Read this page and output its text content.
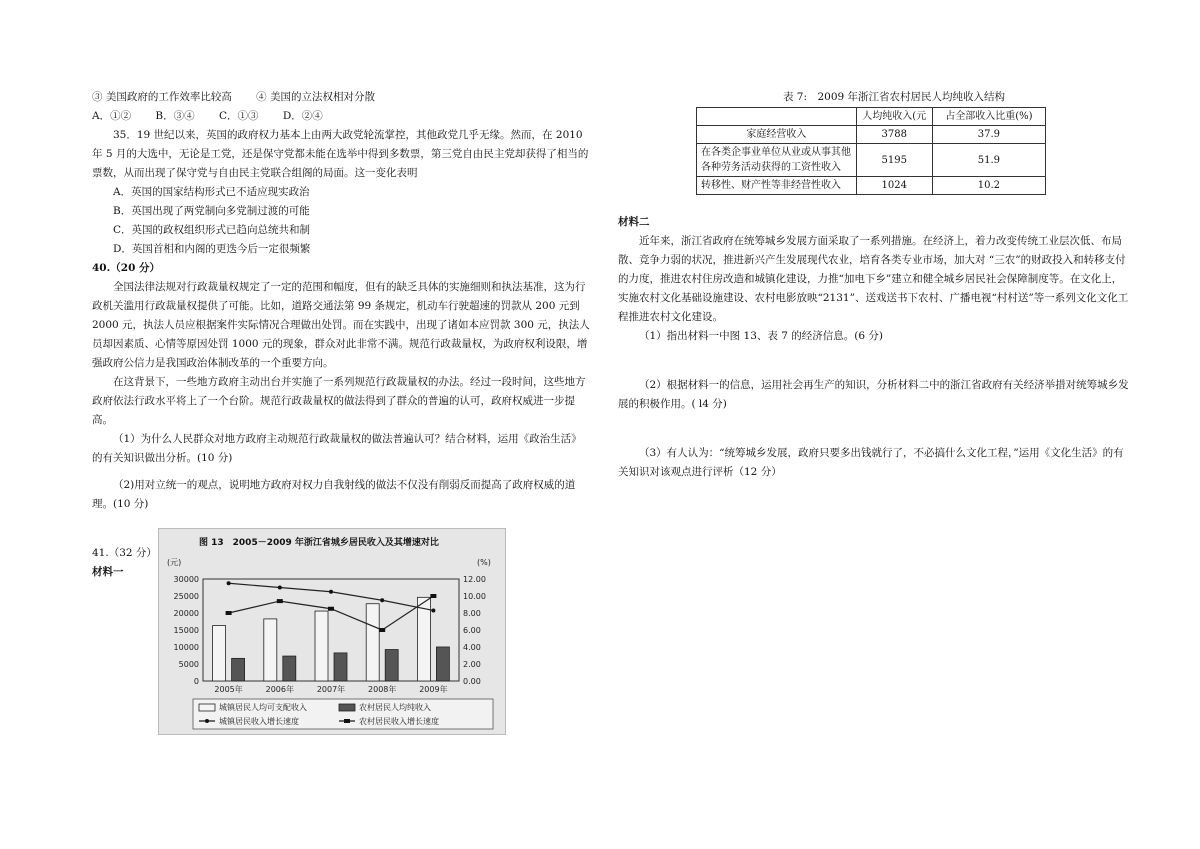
③ 美国政府的工作效率比较高　　 ④ 美国的立法权相对分散

A．①②　　 B．③④　　 C．①③　　 D．②④

35．19 世纪以来，英国的政府权力基本上由两大政党轮流掌控，其他政党几乎无缘。然而，在 2010 年 5 月的大选中，无论是工党，还是保守党都未能在选举中得到多数票，第三党自由民主党却获得了相当的票数，从而出现了保守党与自由民主党联合组阁的局面。这一变化表明

A．英国的国家结构形式已不适应现实政治

B．英国出现了两党制向多党制过渡的可能

C．英国的政权组织形式已趋向总统共和制

D．英国首相和内阁的更迭今后一定很频繁

40.（20 分）

全国法律法规对行政裁量权规定了一定的范围和幅度，但有的缺乏具体的实施细则和执法基准，这为行政机关滥用行政裁量权提供了可能。比如，道路交通法第 99 条规定，机动车行驶超速的罚款从 200 元到 2000 元，执法人员应根据案件实际情况合理做出处罚。而在实践中，出现了诸如本应罚款 300 元，执法人员却因素质、心情等原因处罚 1000 元的现象，群众对此非常不满。规范行政裁量权，为政府权利设限，增强政府公信力是我国政治体制改革的一个重要方向。

在这背景下，一些地方政府主动出台并实施了一系列规范行政裁量权的办法。经过一段时间，这些地方政府依法行政水平将上了一个台阶。规范行政裁量权的做法得到了群众的普遍的认可，政府权威进一步提高。

（1）为什么人民群众对地方政府主动规范行政裁量权的做法普遍认可？结合材料，运用《政治生活》的有关知识做出分析。(10 分)

（2)用对立统一的观点，说明地方政府对权力自我射线的做法不仅没有削弱反而提高了政府权威的道理。(10 分)

41.（32 分）

材料一

图 13　2005－2009 年浙江省城乡居民收入及其增速对比
(元)	(%)
30000
25000
20000
15000
10000
5000
0
12.00
10.00
8.00
6.00
4.00
2.00
0.00
2005年	2006年	2007年	2008年	2009年
城镇居民人均可支配收入	农村居民人均纯收入
城镇居民收入增长速度	农村居民收入增长速度

表 7:　2009 年浙江省农村居民人均纯收入结构

	人均纯收入(元	占全部收入比重(%)
家庭经营收入	3788	37.9
在各类企事业单位从业或从事其他各种劳务活动获得的工资性收入	5195	51.9
转移性、财产性等非经营性收入	1024	10.2

材料二

近年来，浙江省政府在统筹城乡发展方面采取了一系列措施。在经济上，着力改变传统工业层次低、布局散、竞争力弱的状况，推进新兴产生发展现代农业，培育各类专业市场，加大对 “三农”的财政投入和转移支付的力度，推进农村住房改造和城镇化建设，力推“加电下乡”建立和健全城乡居民社会保障制度等。在文化上，实施农村文化基础设施建设、农村电影放映“2131”、送戏送书下农村、广播电视“村村送”等一系列文化文化工程推进农村文化建设。

（1）指出材料一中图 13、表 7 的经济信息。(6 分)

（2）根据材料一的信息，运用社会再生产的知识，分析材料二中的浙江省政府有关经济举措对统筹城乡发展的积极作用。( l4 分)

（3）有人认为：“统筹城乡发展，政府只要多出钱就行了，不必搞什么文化工程，”运用《文化生活》的有关知识对该观点进行评析（12 分）
